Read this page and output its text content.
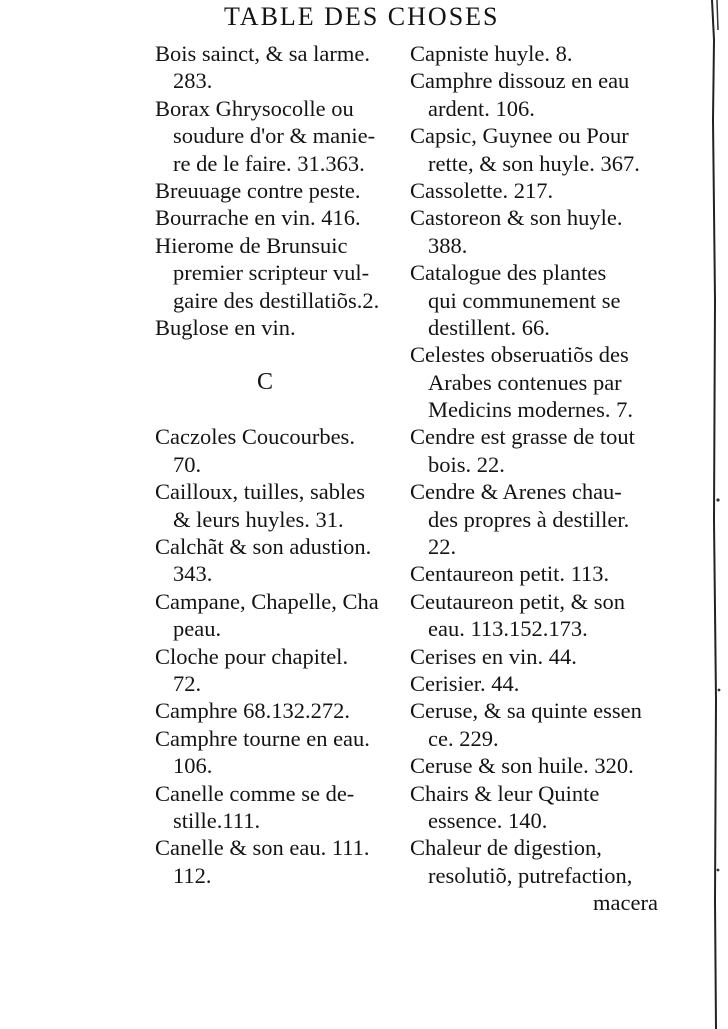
TABLE DES CHOSES
Bois sainct, & sa larme.
283.
Borax Ghrysocolle ou
soudure d'or & manie-
re de le faire. 31.363.
Breuuage contre peste.
Bourrache en vin. 416.
Hierome de Brunsuic
premier scripteur vul-
gaire des destillatiõs.2.
Buglose en vin.
C
Caczoles Coucourbes.
70.
Cailloux, tuilles, sables
& leurs huyles. 31.
Calchãt & son adustion.
343.
Campane, Chapelle, Cha
peau.
Cloche pour chapitel.
72.
Camphre 68.132.272.
Camphre tourne en eau.
106.
Canelle comme se de-
stille.111.
Canelle & son eau. 111.
112.
Capniste huyle. 8.
Camphre dissouz en eau
ardent. 106.
Capsic, Guynee ou Pour
rette, & son huyle. 367.
Cassolette. 217.
Castoreon & son huyle.
388.
Catalogue des plantes
qui communement se
destillent. 66.
Celestes obseruatiõs des
Arabes contenues par
Medicins modernes. 7.
Cendre est grasse de tout
bois. 22.
Cendre & Arenes chau-
des propres à destiller.
22.
Centaureon petit. 113.
Ceutaureon petit, & son
eau. 113.152.173.
Cerises en vin. 44.
Cerisier. 44.
Ceruse, & sa quinte essen
ce. 229.
Ceruse & son huile. 320.
Chairs & leur Quinte
essence. 140.
Chaleur de digestion,
resolutiõ, putrefaction,
macera
